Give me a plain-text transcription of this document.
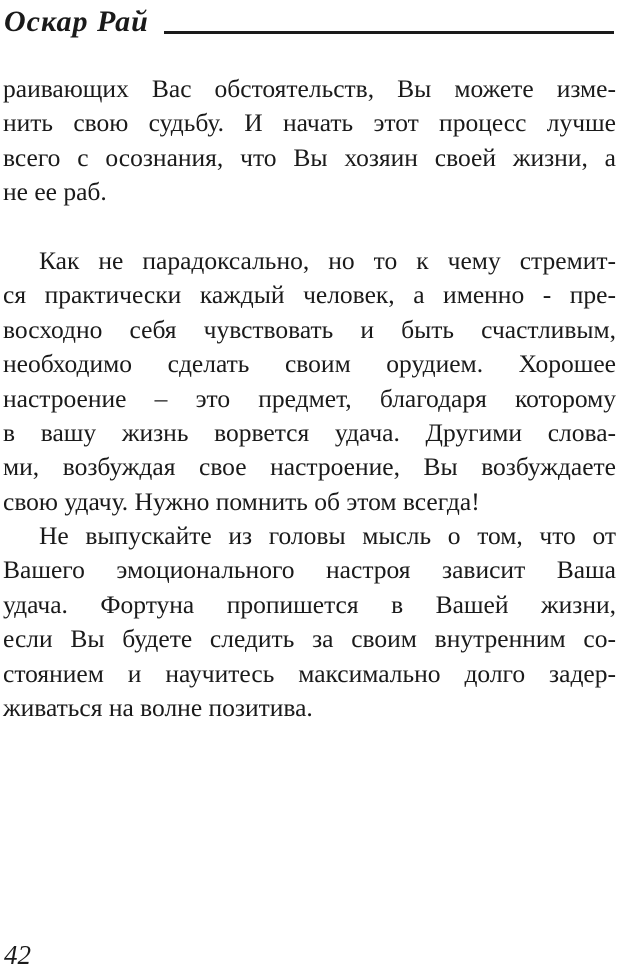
Оскар Рай
раивающих Вас обстоятельств, Вы можете изме-
нить свою судьбу. И начать этот процесс лучше
всего с осознания, что Вы хозяин своей жизни, а
не ее раб.
Как не парадоксально, но то к чему стремит-
ся практически каждый человек, а именно - пре-
восходно себя чувствовать и быть счастливым,
необходимо сделать своим орудием. Хорошее
настроение – это предмет, благодаря которому
в вашу жизнь ворвется удача. Другими слова-
ми, возбуждая свое настроение, Вы возбуждаете
свою удачу. Нужно помнить об этом всегда!
Не выпускайте из головы мысль о том, что от
Вашего эмоционального настроя зависит Ваша
удача. Фортуна пропишется в Вашей жизни,
если Вы будете следить за своим внутренним со-
стоянием и научитесь максимально долго задер-
живаться на волне позитива.
42
